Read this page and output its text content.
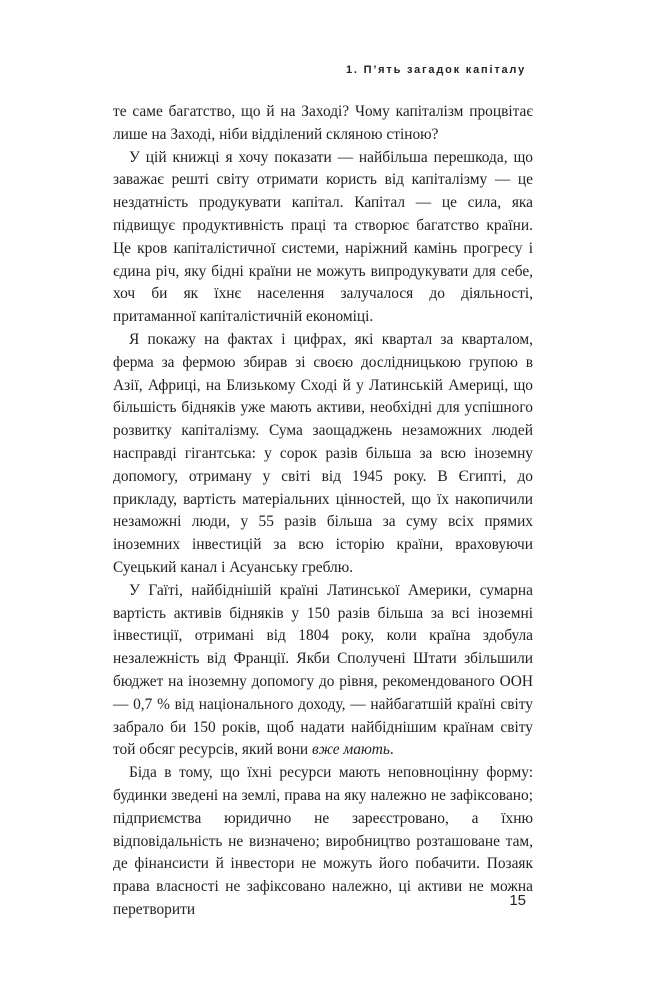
1. П’ять загадок капіталу

те саме багатство, що й на Заході? Чому капіталізм процвітає лише на Заході, ніби відділений скляною стіною?

У цій книжці я хочу показати — найбільша перешкода, що заважає решті світу отримати користь від капіталізму — це нездатність продукувати капітал. Капітал — це сила, яка підвищує продуктивність праці та створює багатство країни. Це кров капіталістичної системи, наріжний камінь прогресу і єдина річ, яку бідні країни не можуть випродукувати для себе, хоч би як їхнє населення залучалося до діяльності, притаманної капіталістичній економіці.

Я покажу на фактах і цифрах, які квартал за кварталом, ферма за фермою збирав зі своєю дослідницькою групою в Азії, Африці, на Близькому Сході й у Латинській Америці, що більшість бідняків уже мають активи, необхідні для успішного розвитку капіталізму. Сума заощаджень незаможних людей насправді гігантська: у сорок разів більша за всю іноземну допомогу, отриману у світі від 1945 року. В Єгипті, до прикладу, вартість матеріальних цінностей, що їх накопичили незаможні люди, у 55 разів більша за суму всіх прямих іноземних інвестицій за всю історію країни, враховуючи Суецький канал і Асуанську греблю.

У Гаїті, найбіднішій країні Латинської Америки, сумарна вартість активів бідняків у 150 разів більша за всі іноземні інвестиції, отримані від 1804 року, коли країна здобула незалежність від Франції. Якби Сполучені Штати збільшили бюджет на іноземну допомогу до рівня, рекомендованого ООН — 0,7 % від національного доходу, — найбагатшій країні світу забрало би 150 років, щоб надати найбіднішим країнам світу той обсяг ресурсів, який вони вже мають.

Біда в тому, що їхні ресурси мають неповноцінну форму: будинки зведені на землі, права на яку належно не зафіксовано; підприємства юридично не зареєстровано, а їхню відповідальність не визначено; виробництво розташоване там, де фінансисти й інвестори не можуть його побачити. Позаяк права власності не зафіксовано належно, ці активи не можна перетворити

15
